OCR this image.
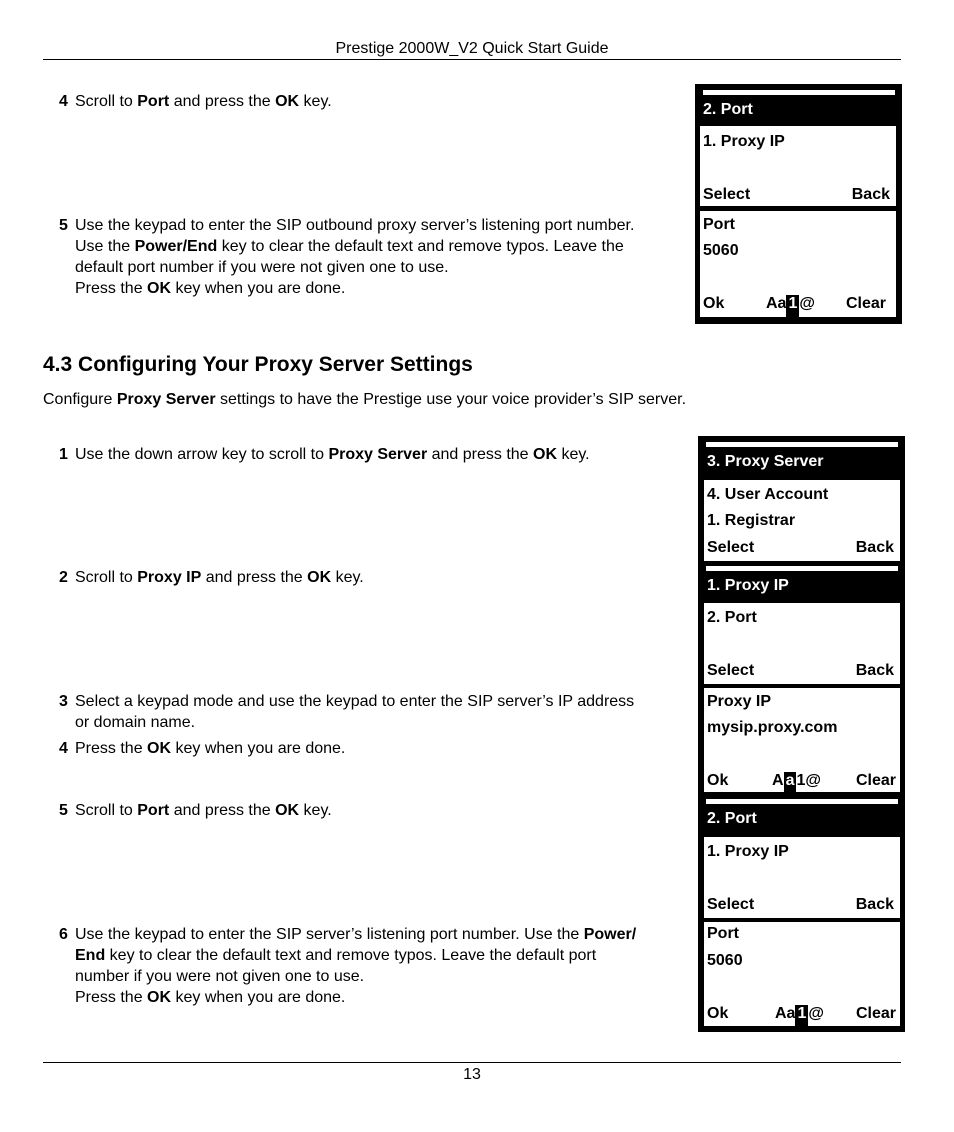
Prestige 2000W_V2 Quick Start Guide
4 Scroll to Port and press the OK key.
5 Use the keypad to enter the SIP outbound proxy server’s listening port number.
Use the Power/End key to clear the default text and remove typos. Leave the
default port number if you were not given one to use.
Press the OK key when you are done.
2. Port
1. Proxy IP
Select	Back
Port
5060
Ok	Aa 1 @ Clear
4.3 Configuring Your Proxy Server Settings
Configure Proxy Server settings to have the Prestige use your voice provider’s SIP server.
1 Use the down arrow key to scroll to Proxy Server and press the OK key.
2 Scroll to Proxy IP and press the OK key.
3 Select a keypad mode and use the keypad to enter the SIP server’s IP address
or domain name.
4 Press the OK key when you are done.
5 Scroll to Port and press the OK key.
6 Use the keypad to enter the SIP server’s listening port number. Use the Power/
End key to clear the default text and remove typos. Leave the default port
number if you were not given one to use.
Press the OK key when you are done.
3. Proxy Server
4. User Account
1. Registrar
Select	Back
1. Proxy IP
2. Port
Select	Back
Proxy IP
mysip.proxy.com
Ok	A a 1@ Clear
2. Port
1. Proxy IP
Select	Back
Port
5060
Ok	Aa 1 @ Clear
13
